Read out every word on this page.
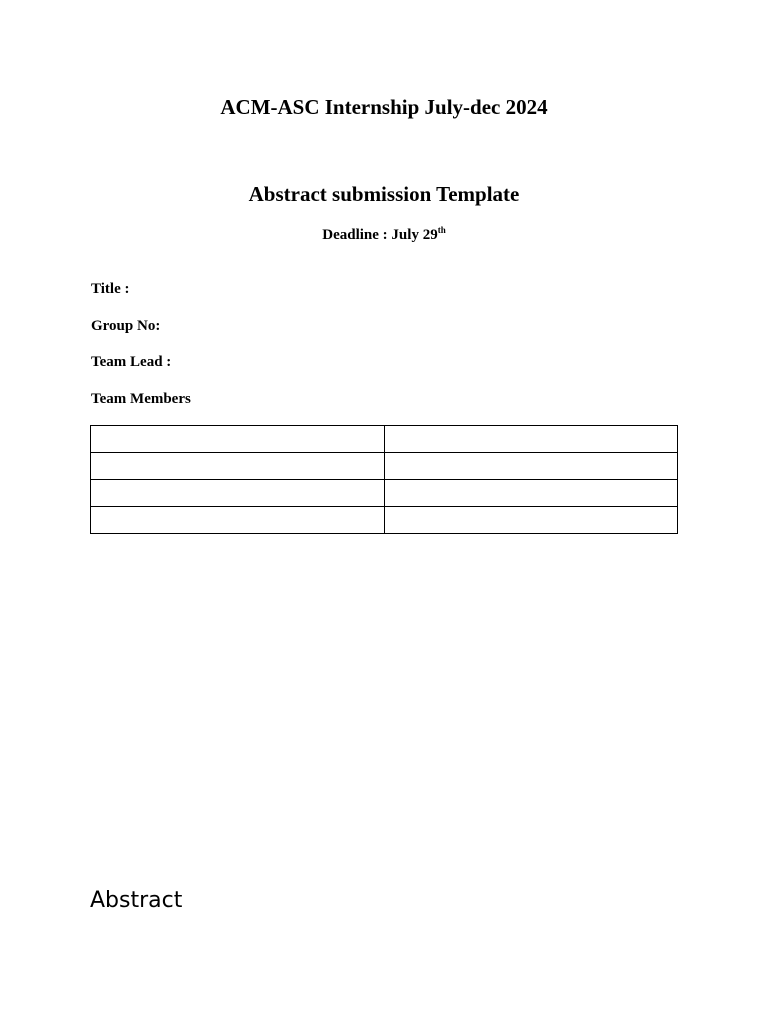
ACM-ASC Internship July-dec 2024
Abstract submission Template
Deadline : July 29th
Title :
Group No:
Team Lead :
Team Members

Abstract
